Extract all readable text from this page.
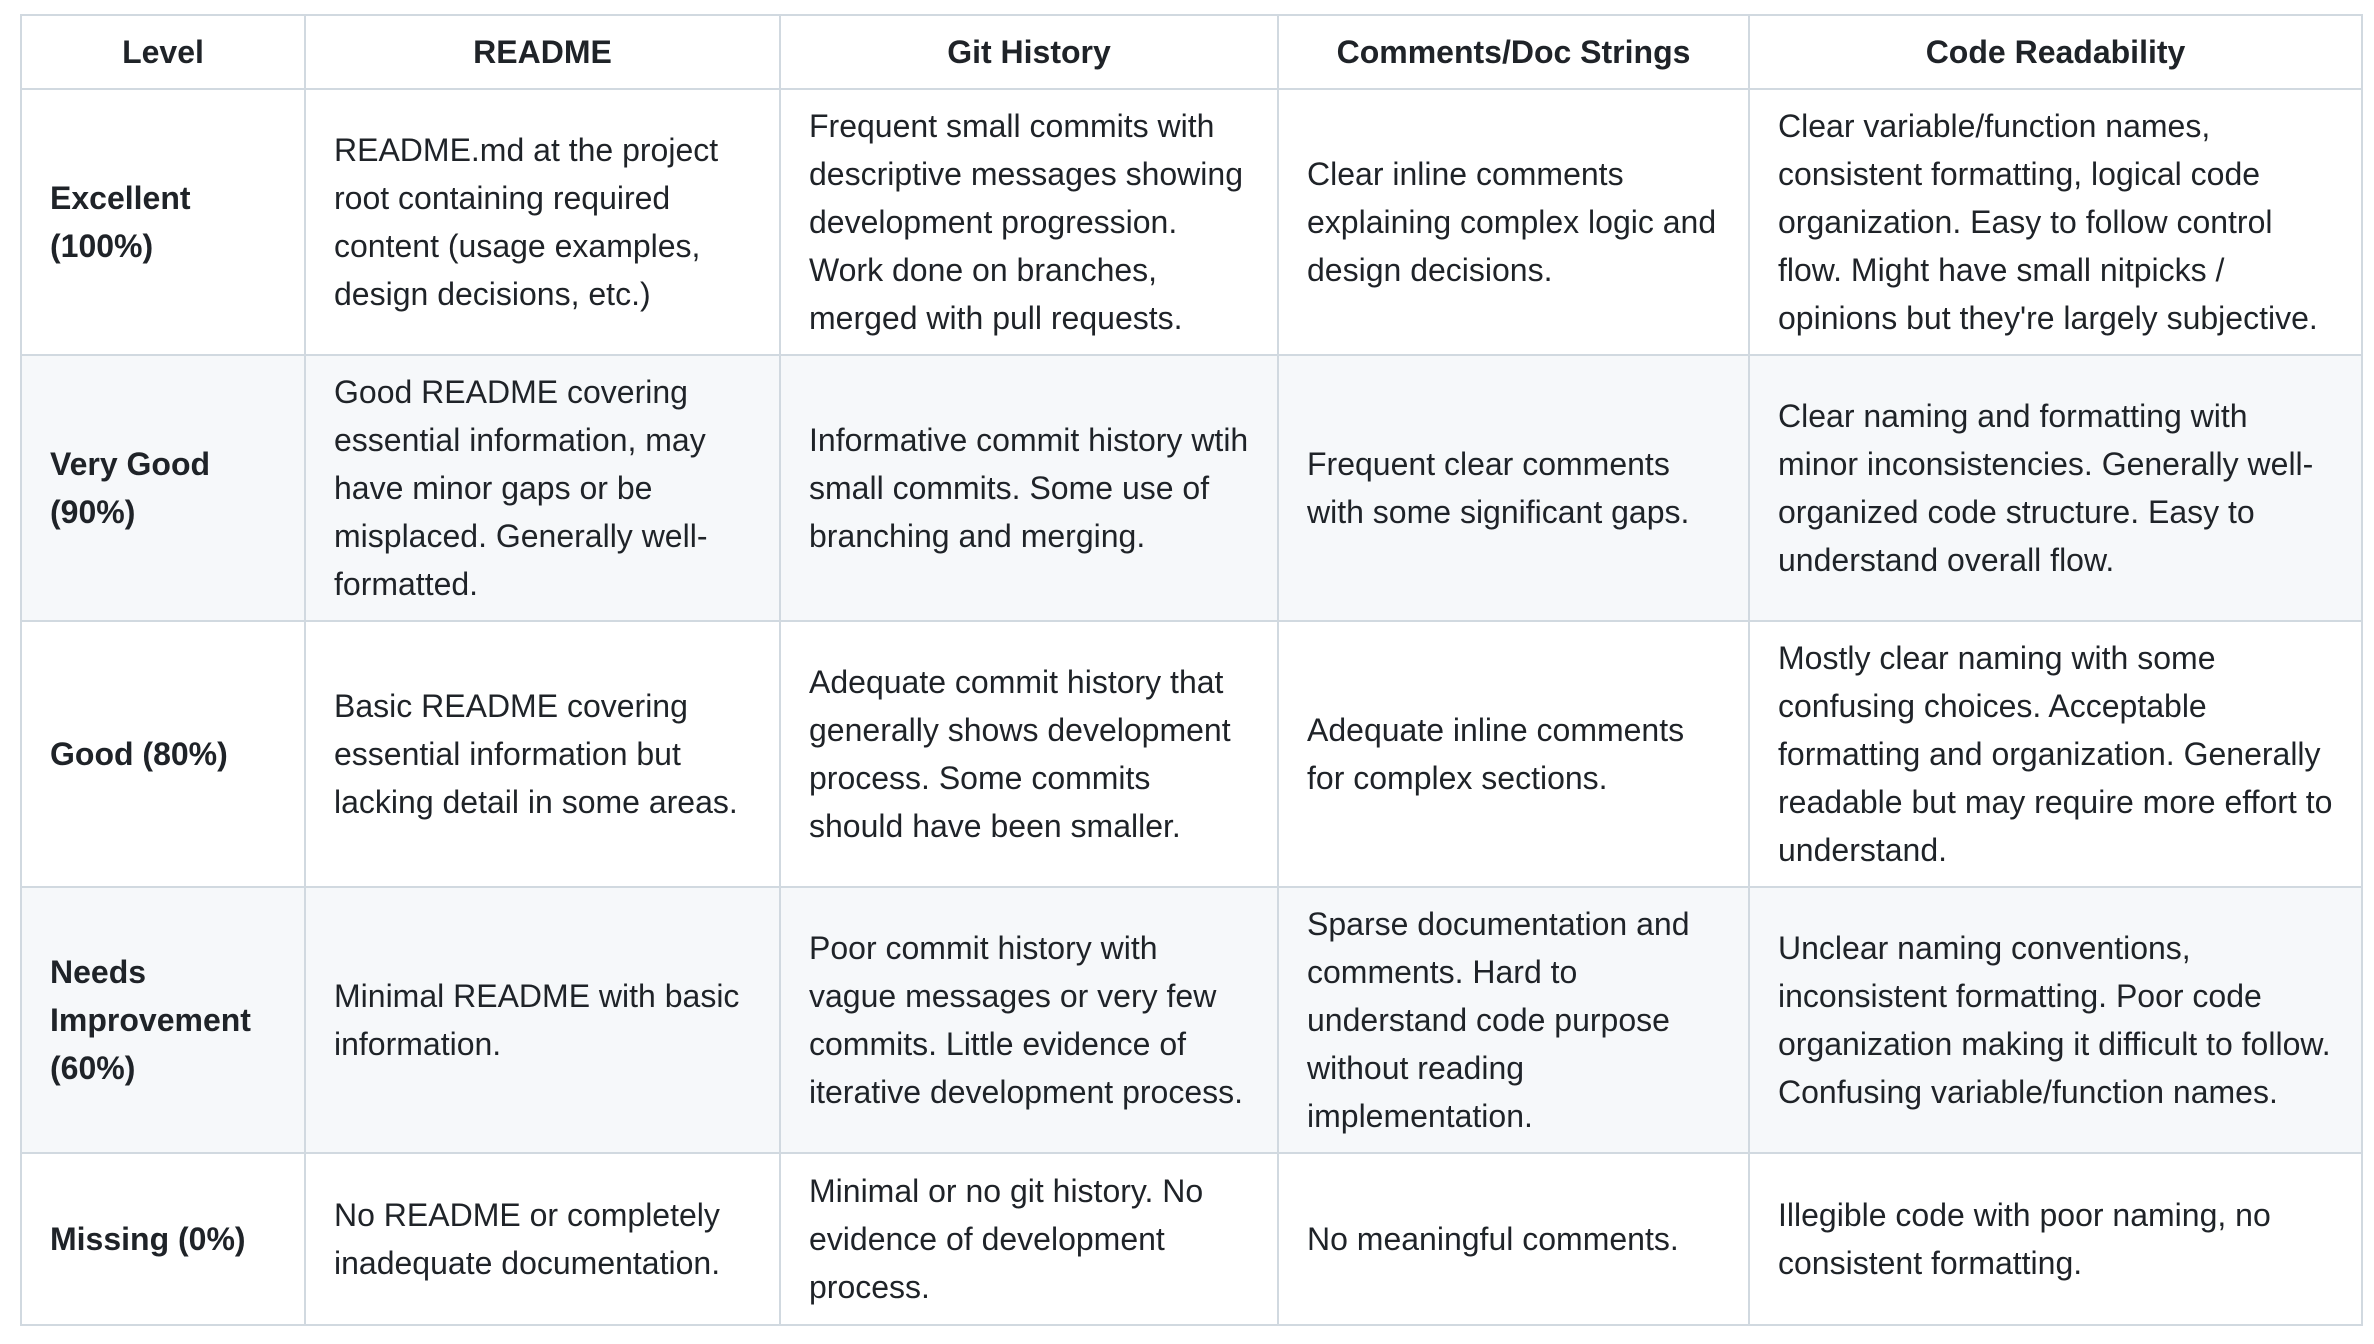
Level	README	Git History	Comments/Doc Strings	Code Readability
Excellent (100%)	README.md at the project root containing required content (usage examples, design decisions, etc.)	Frequent small commits with descriptive messages showing development progression. Work done on branches, merged with pull requests.	Clear inline comments explaining complex logic and design decisions.	Clear variable/function names, consistent formatting, logical code organization. Easy to follow control flow. Might have small nitpicks / opinions but they're largely subjective.
Very Good (90%)	Good README covering essential information, may have minor gaps or be misplaced. Generally well-formatted.	Informative commit history wtih small commits. Some use of branching and merging.	Frequent clear comments with some significant gaps.	Clear naming and formatting with minor inconsistencies. Generally well-organized code structure. Easy to understand overall flow.
Good (80%)	Basic README covering essential information but lacking detail in some areas.	Adequate commit history that generally shows development process. Some commits should have been smaller.	Adequate inline comments for complex sections.	Mostly clear naming with some confusing choices. Acceptable formatting and organization. Generally readable but may require more effort to understand.
Needs Improvement (60%)	Minimal README with basic information.	Poor commit history with vague messages or very few commits. Little evidence of iterative development process.	Sparse documentation and comments. Hard to understand code purpose without reading implementation.	Unclear naming conventions, inconsistent formatting. Poor code organization making it difficult to follow. Confusing variable/function names.
Missing (0%)	No README or completely inadequate documentation.	Minimal or no git history. No evidence of development process.	No meaningful comments.	Illegible code with poor naming, no consistent formatting.
